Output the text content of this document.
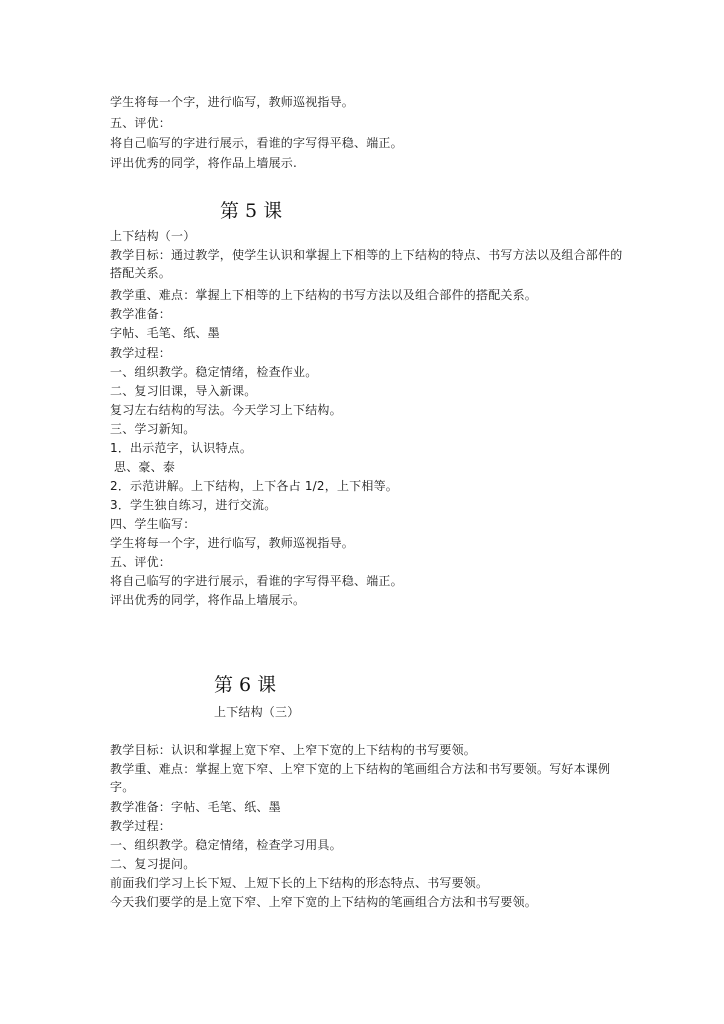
学生将每一个字，进行临写，教师巡视指导。
五、评优：
将自己临写的字进行展示，看谁的字写得平稳、端正。
评出优秀的同学，将作品上墙展示.
第 5 课
上下结构（一）
教学目标：通过教学，使学生认识和掌握上下相等的上下结构的特点、书写方法以及组合部件的搭配关系。
教学重、难点：掌握上下相等的上下结构的书写方法以及组合部件的搭配关系。
教学准备：
字帖、毛笔、纸、墨
教学过程：
一、组织教学。稳定情绪，检查作业。
二、复习旧课，导入新课。
复习左右结构的写法。今天学习上下结构。
三、学习新知。
1．出示范字，认识特点。
思、豪、泰
2．示范讲解。上下结构，上下各占 1/2，上下相等。
3．学生独自练习，进行交流。
四、学生临写：
学生将每一个字，进行临写，教师巡视指导。
五、评优：
将自己临写的字进行展示，看谁的字写得平稳、端正。
评出优秀的同学，将作品上墙展示。
第 6 课
上下结构（三）
教学目标：认识和掌握上宽下窄、上窄下宽的上下结构的书写要领。
教学重、难点：掌握上宽下窄、上窄下宽的上下结构的笔画组合方法和书写要领。写好本课例字。
教学准备：字帖、毛笔、纸、墨
教学过程：
一、组织教学。稳定情绪，检查学习用具。
二、复习提问。
前面我们学习上长下短、上短下长的上下结构的形态特点、书写要领。
今天我们要学的是上宽下窄、上窄下宽的上下结构的笔画组合方法和书写要领。
